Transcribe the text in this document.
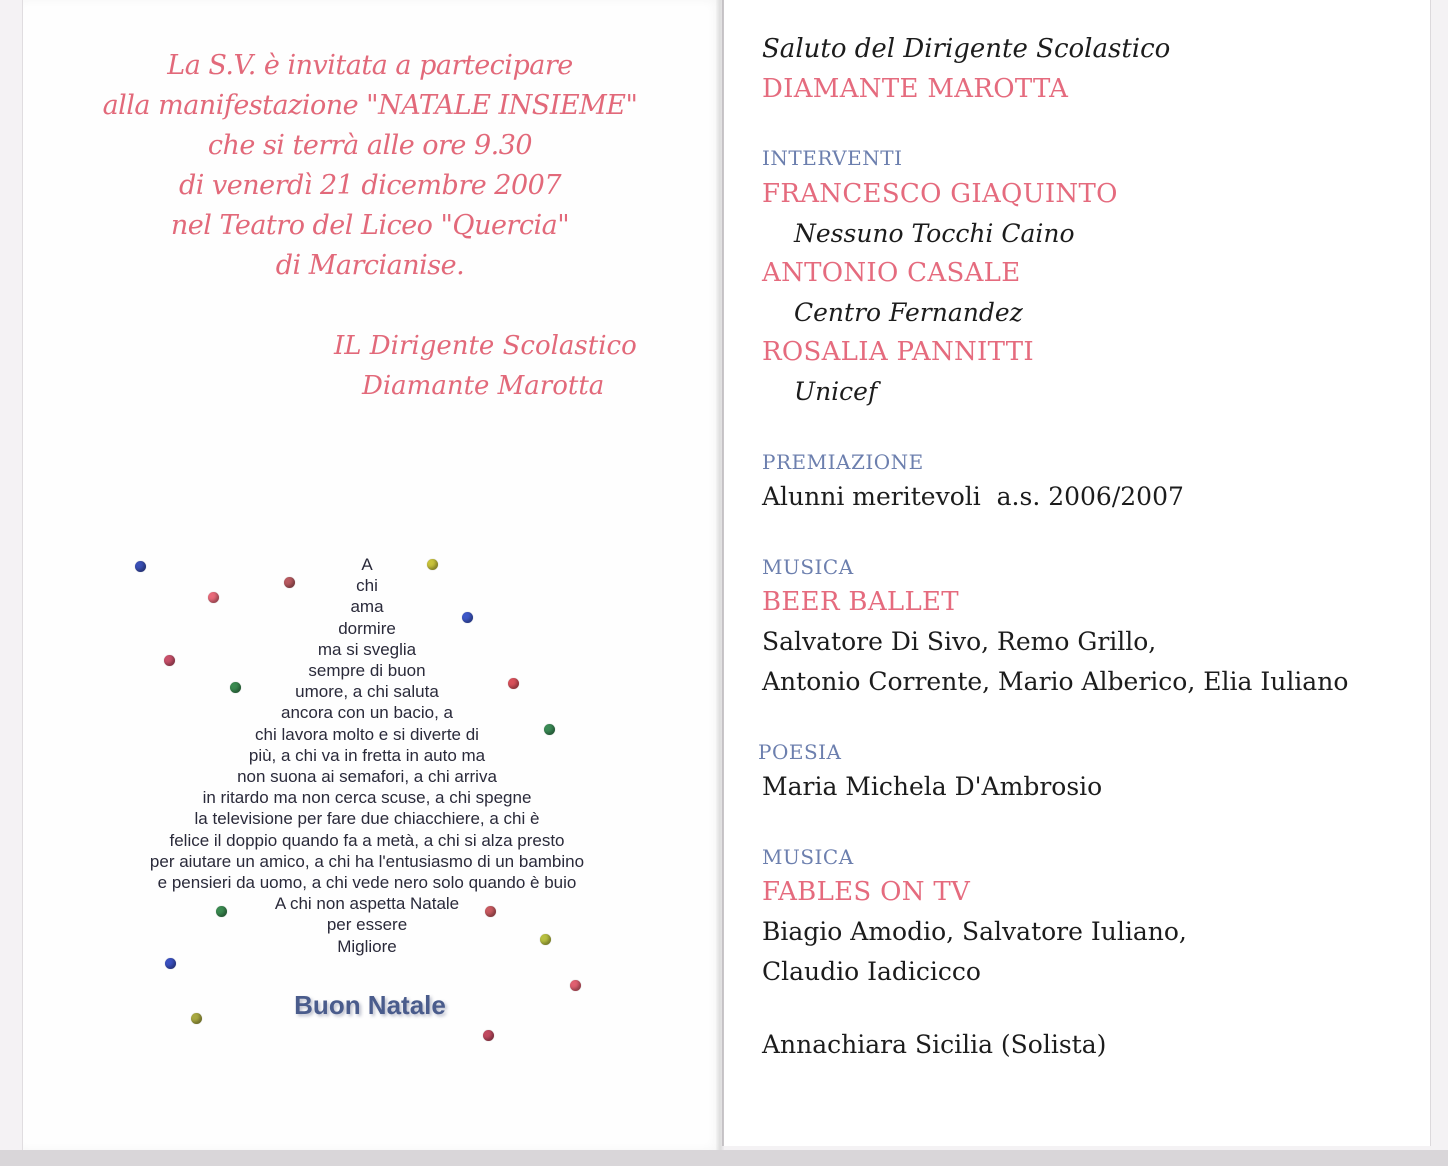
La S.V. è invitata a partecipare
alla manifestazione "NATALE INSIEME"
che si terrà alle ore 9.30
di venerdì 21 dicembre 2007
nel Teatro del Liceo "Quercia"
di Marcianise.
IL Dirigente Scolastico
Diamante Marotta
A
chi
ama
dormire
ma si sveglia
sempre di buon
umore, a chi saluta
ancora con un bacio, a
chi lavora molto e si diverte di
più, a chi va in fretta in auto ma
non suona ai semafori, a chi arriva
in ritardo ma non cerca scuse, a chi spegne
la televisione per fare due chiacchiere, a chi è
felice il doppio quando fa a metà, a chi si alza presto
per aiutare un amico, a chi ha l'entusiasmo di un bambino
e pensieri da uomo, a chi vede nero solo quando è buio
A chi non aspetta Natale
per essere
Migliore
Buon Natale
Saluto del Dirigente Scolastico
DIAMANTE MAROTTA
INTERVENTI
FRANCESCO GIAQUINTO
Nessuno Tocchi Caino
ANTONIO CASALE
Centro Fernandez
ROSALIA PANNITTI
Unicef
PREMIAZIONE
Alunni meritevoli  a.s. 2006/2007
MUSICA
BEER BALLET
Salvatore Di Sivo, Remo Grillo,
Antonio Corrente, Mario Alberico, Elia Iuliano
POESIA
Maria Michela D'Ambrosio
MUSICA
FABLES ON TV
Biagio Amodio, Salvatore Iuliano,
Claudio Iadicicco
Annachiara Sicilia (Solista)
